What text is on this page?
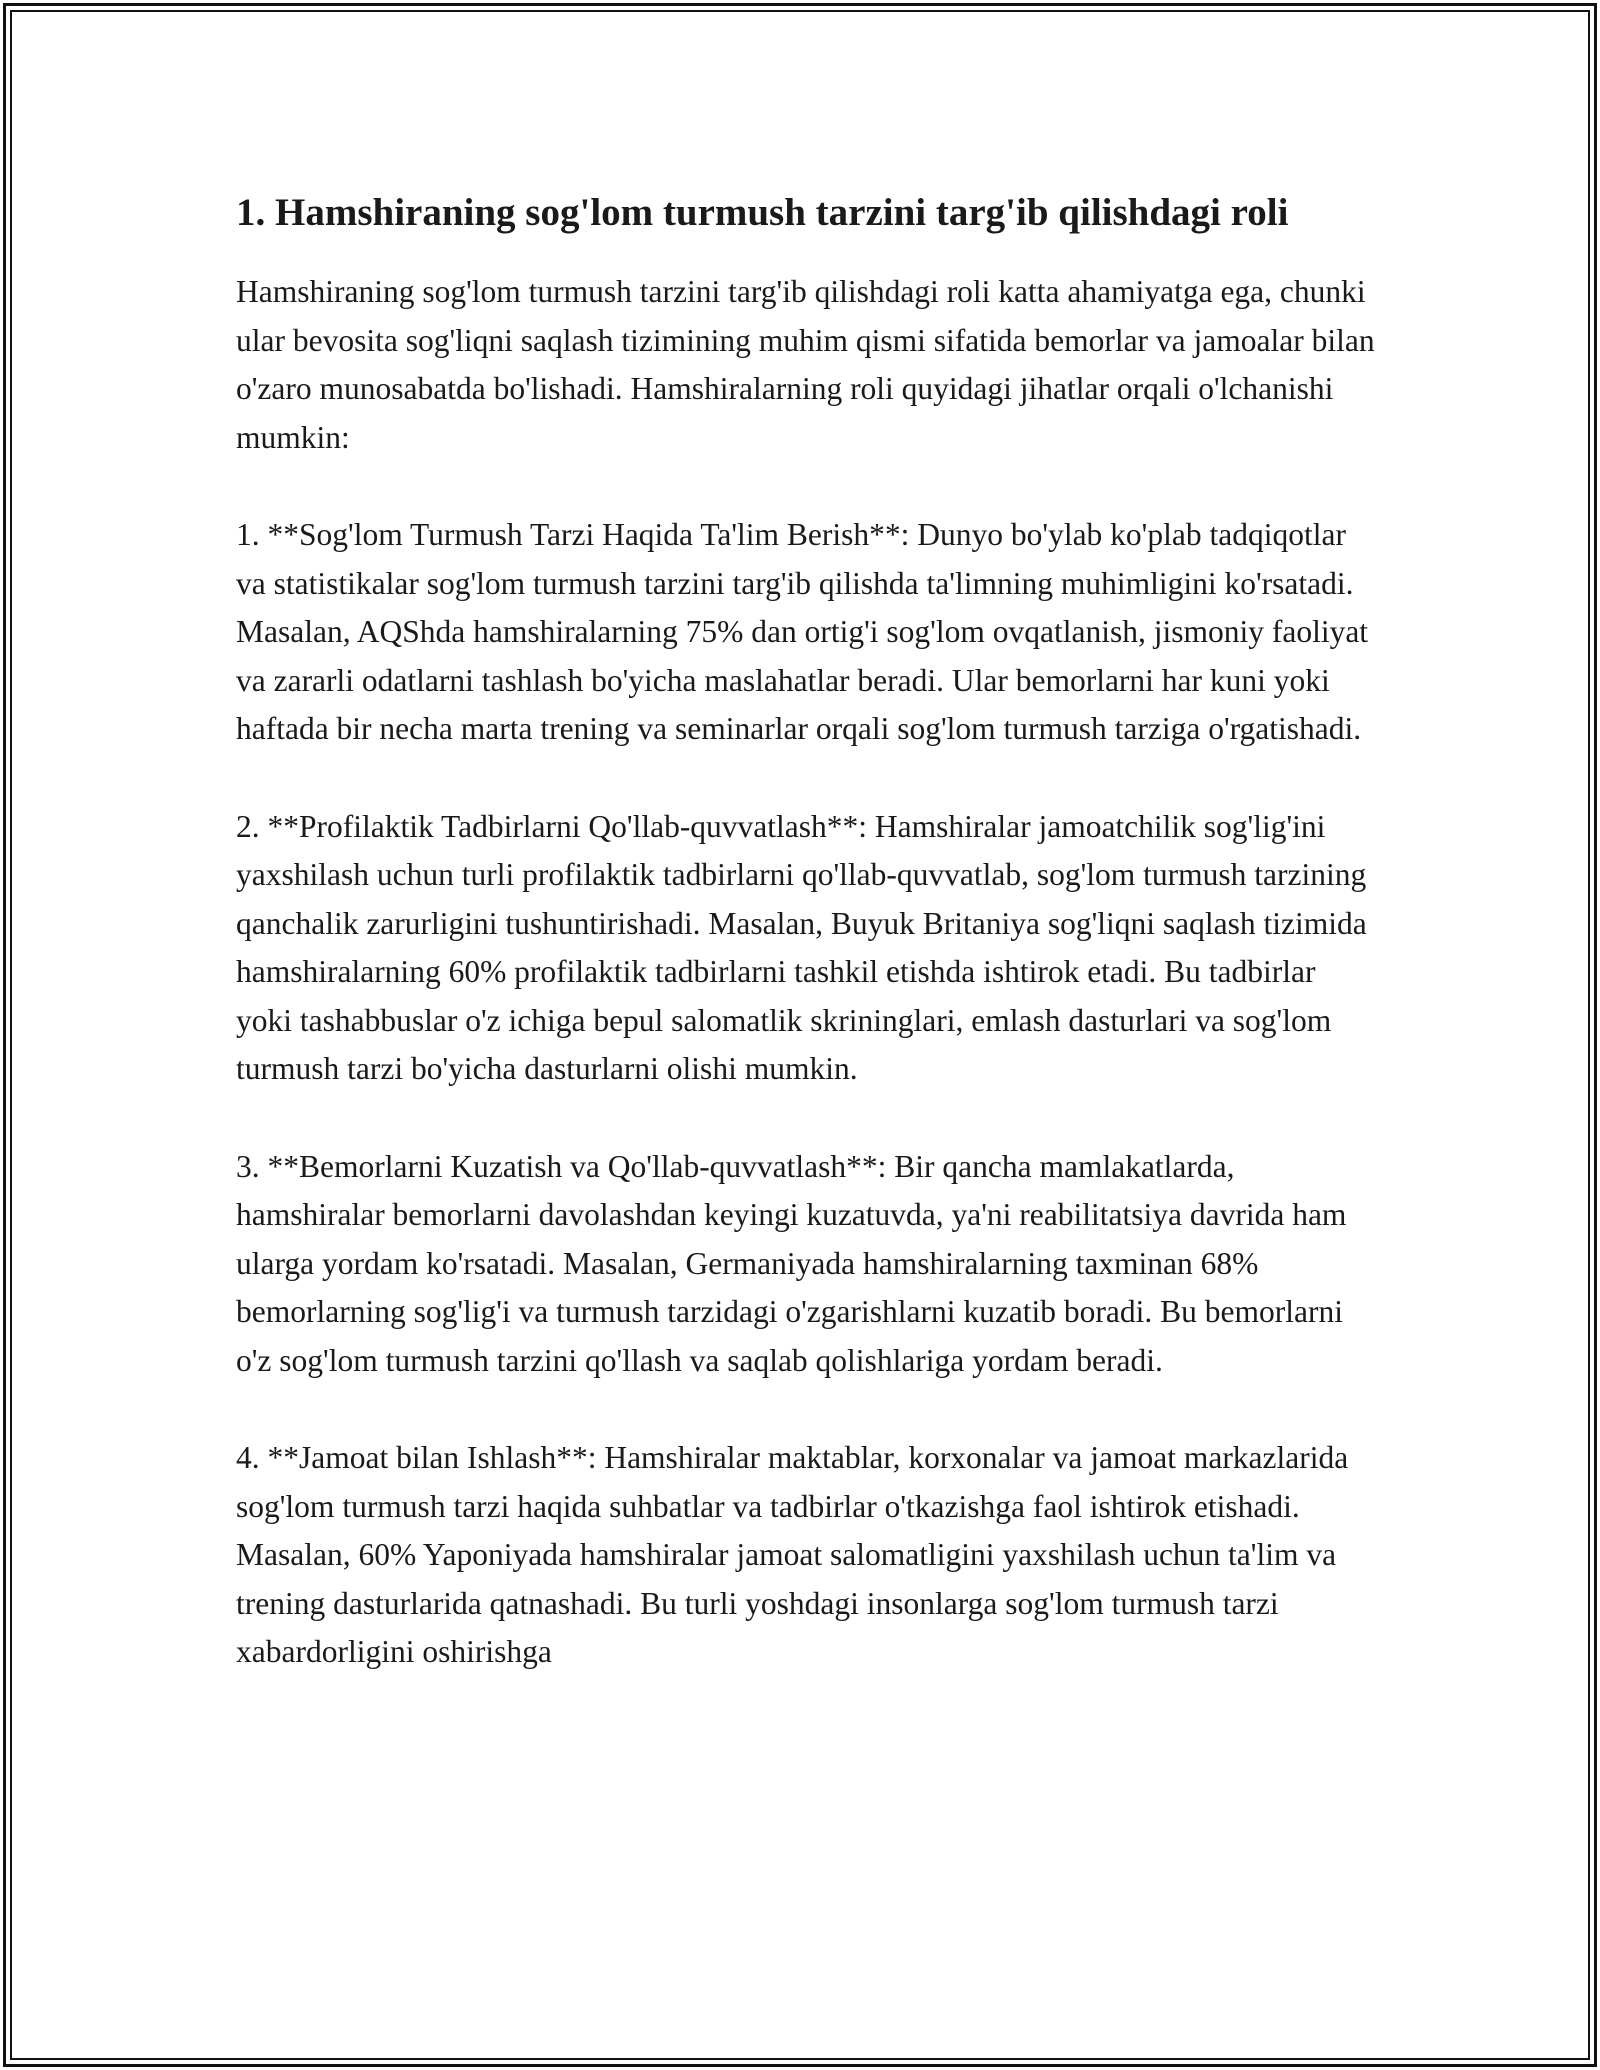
1. Hamshiraning sog'lom turmush tarzini targ'ib qilishdagi roli

Hamshiraning sog'lom turmush tarzini targ'ib qilishdagi roli katta ahamiyatga ega, chunki ular bevosita sog'liqni saqlash tizimining muhim qismi sifatida bemorlar va jamoalar bilan o'zaro munosabatda bo'lishadi. Hamshiralarning roli quyidagi jihatlar orqali o'lchanishi mumkin:

1. **Sog'lom Turmush Tarzi Haqida Ta'lim Berish**: Dunyo bo'ylab ko'plab tadqiqotlar va statistikalar sog'lom turmush tarzini targ'ib qilishda ta'limning muhimligini ko'rsatadi. Masalan, AQShda hamshiralarning 75% dan ortig'i sog'lom ovqatlanish, jismoniy faoliyat va zararli odatlarni tashlash bo'yicha maslahatlar beradi. Ular bemorlarni har kuni yoki haftada bir necha marta trening va seminarlar orqali sog'lom turmush tarziga o'rgatishadi.

2. **Profilaktik Tadbirlarni Qo'llab-quvvatlash**: Hamshiralar jamoatchilik sog'lig'ini yaxshilash uchun turli profilaktik tadbirlarni qo'llab-quvvatlab, sog'lom turmush tarzining qanchalik zarurligini tushuntirishadi. Masalan, Buyuk Britaniya sog'liqni saqlash tizimida hamshiralarning 60% profilaktik tadbirlarni tashkil etishda ishtirok etadi. Bu tadbirlar yoki tashabbuslar o'z ichiga bepul salomatlik skrininglari, emlash dasturlari va sog'lom turmush tarzi bo'yicha dasturlarni olishi mumkin.

3. **Bemorlarni Kuzatish va Qo'llab-quvvatlash**: Bir qancha mamlakatlarda, hamshiralar bemorlarni davolashdan keyingi kuzatuvda, ya'ni reabilitatsiya davrida ham ularga yordam ko'rsatadi. Masalan, Germaniyada hamshiralarning taxminan 68% bemorlarning sog'lig'i va turmush tarzidagi o'zgarishlarni kuzatib boradi. Bu bemorlarni o'z sog'lom turmush tarzini qo'llash va saqlab qolishlariga yordam beradi.

4. **Jamoat bilan Ishlash**: Hamshiralar maktablar, korxonalar va jamoat markazlarida sog'lom turmush tarzi haqida suhbatlar va tadbirlar o'tkazishga faol ishtirok etishadi. Masalan, 60% Yaponiyada hamshiralar jamoat salomatligini yaxshilash uchun ta'lim va trening dasturlarida qatnashadi. Bu turli yoshdagi insonlarga sog'lom turmush tarzi xabardorligini oshirishga
